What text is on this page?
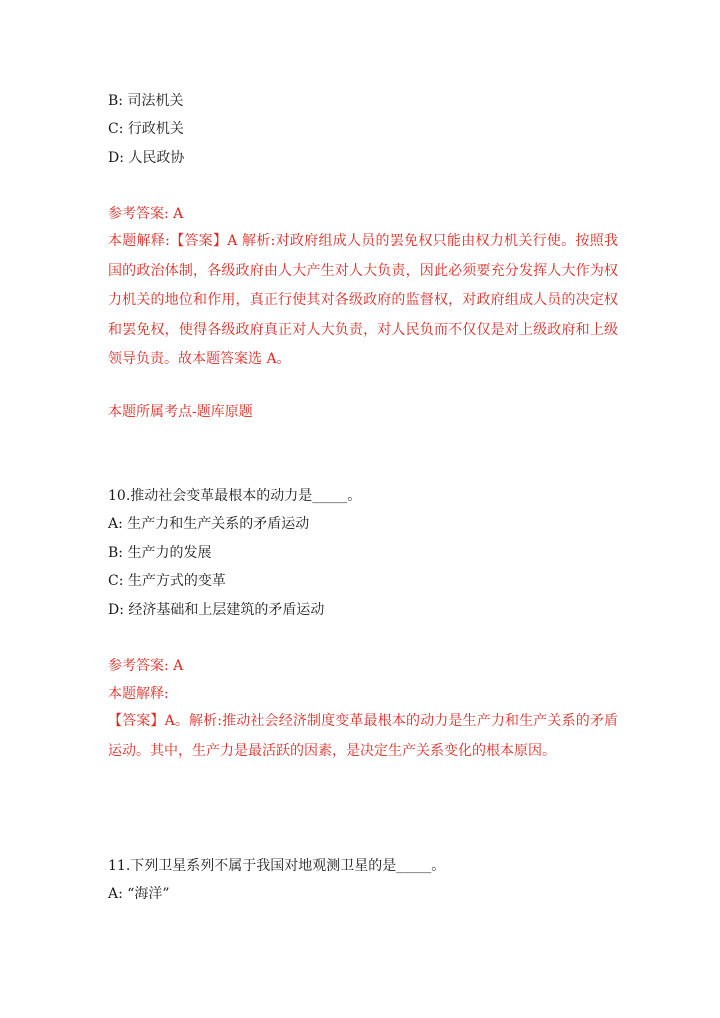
B: 司法机关
C: 行政机关
D: 人民政协
参考答案: A
本题解释:【答案】A 解析:对政府组成人员的罢免权只能由权力机关行使。按照我国的政治体制，各级政府由人大产生对人大负责，因此必须要充分发挥人大作为权力机关的地位和作用，真正行使其对各级政府的监督权，对政府组成人员的决定权和罢免权，使得各级政府真正对人大负责，对人民负而不仅仅是对上级政府和上级领导负责。故本题答案选 A。
本题所属考点-题库原题
10.推动社会变革最根本的动力是_____。
A: 生产力和生产关系的矛盾运动
B: 生产力的发展
C: 生产方式的变革
D: 经济基础和上层建筑的矛盾运动
参考答案: A
本题解释:
【答案】A。解析:推动社会经济制度变革最根本的动力是生产力和生产关系的矛盾运动。其中，生产力是最活跃的因素，是决定生产关系变化的根本原因。
11.下列卫星系列不属于我国对地观测卫星的是_____。
A: “海洋”
